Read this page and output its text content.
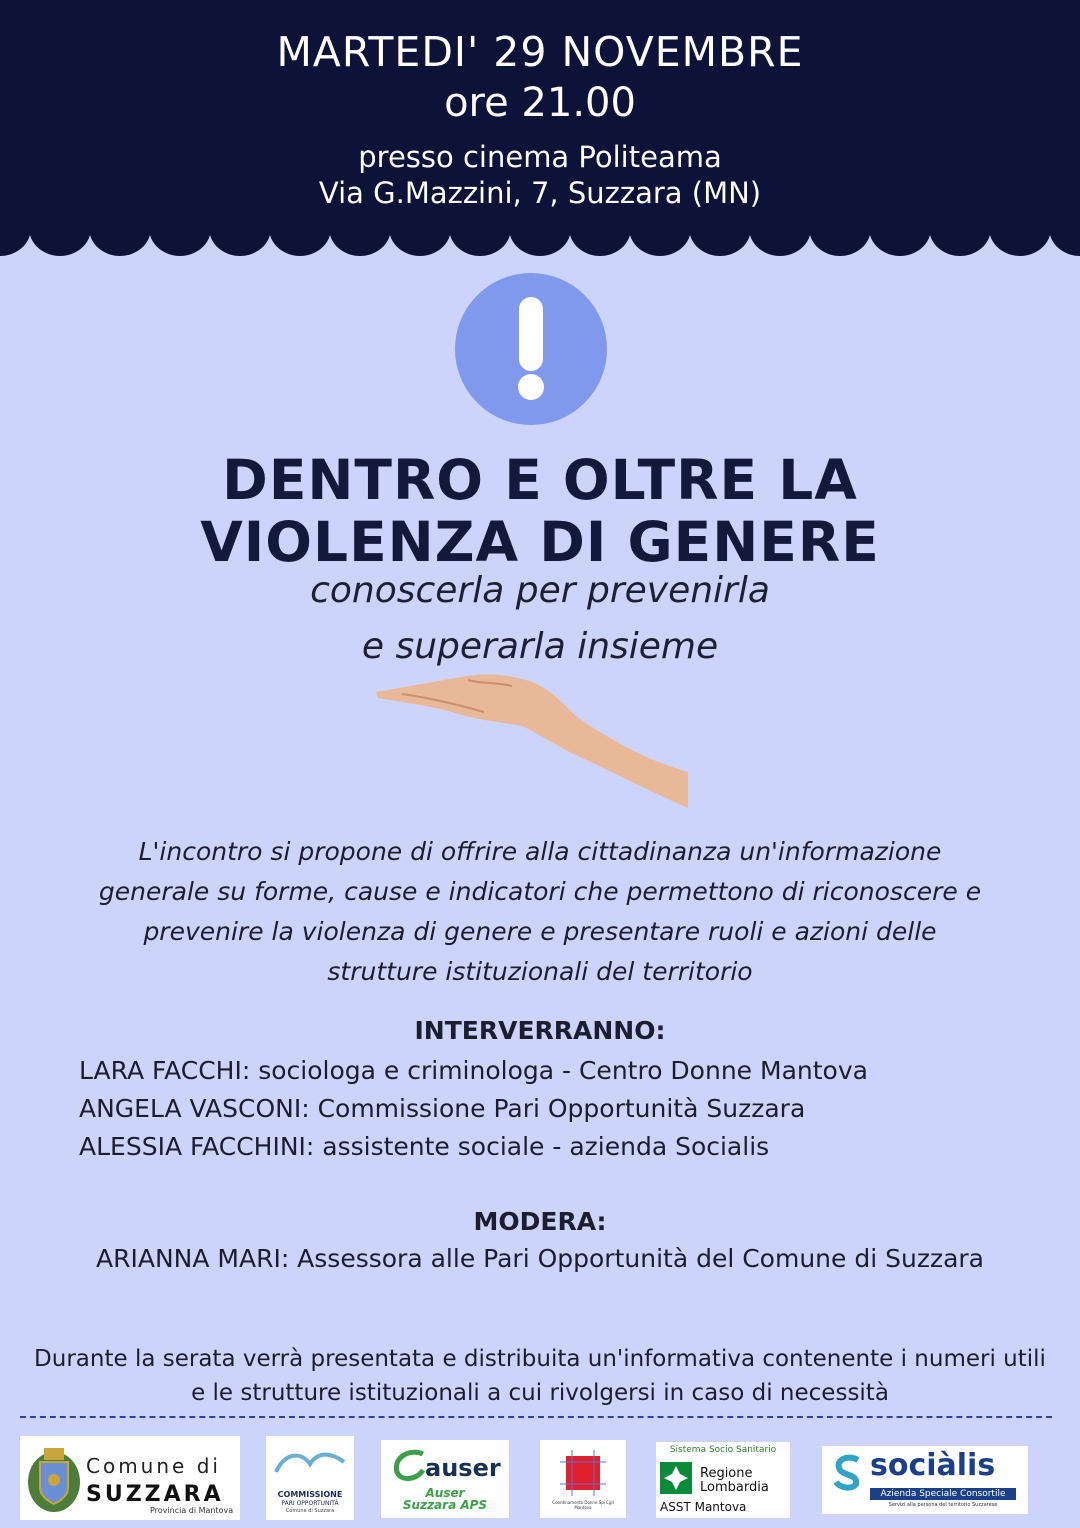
MARTEDI' 29 NOVEMBRE
ore 21.00
presso cinema Politeama
Via G.Mazzini, 7, Suzzara (MN)
DENTRO E OLTRE LA
VIOLENZA DI GENERE
conoscerla per prevenirla
e superarla insieme
L'incontro si propone di offrire alla cittadinanza un'informazione
generale su forme, cause e indicatori che permettono di riconoscere e
prevenire la violenza di genere e presentare ruoli e azioni delle
strutture istituzionali del territorio
INTERVERRANNO:
LARA FACCHI: sociologa e criminologa - Centro Donne Mantova
ANGELA VASCONI: Commissione Pari Opportunità Suzzara
ALESSIA FACCHINI: assistente sociale - azienda Socialis
MODERA:
ARIANNA MARI: Assessora alle Pari Opportunità del Comune di Suzzara
Durante la serata verrà presentata e distribuita un'informativa contenente i numeri utili
e le strutture istituzionali a cui rivolgersi in caso di necessità
Comune di
SUZZARA
Provincia di Mantova
COMMISSIONE
PARI OPPORTUNITÀ
Comune di Suzzara
auser
Auser
Suzzara APS	Coordinamento Donne Spi Cgil Mantova
Sistema Socio Sanitario
Regione
Lombardia
ASST Mantova
sociàlis
Azienda Speciale Consortile
Servizi alla persona del territorio Suzzarese
